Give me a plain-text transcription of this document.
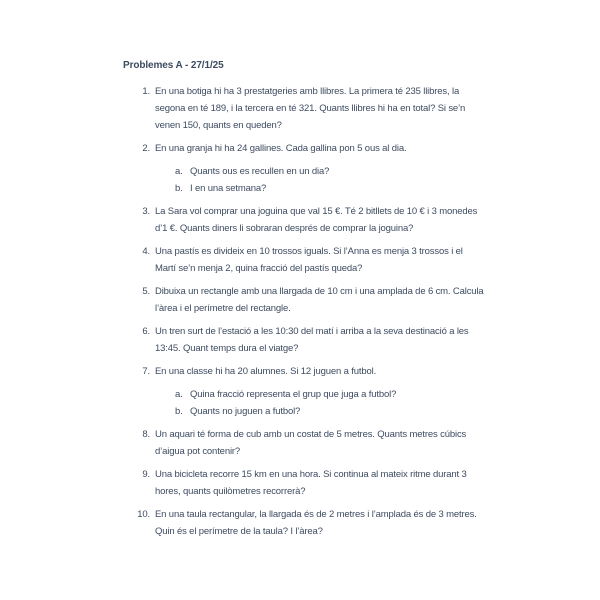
Problemes A - 27/1/25
1. En una botiga hi ha 3 prestatgeries amb llibres. La primera té 235 llibres, la segona en té 189, i la tercera en té 321. Quants llibres hi ha en total? Si se’n venen 150, quants en queden?
2. En una granja hi ha 24 gallines. Cada gallina pon 5 ous al dia.
a. Quants ous es recullen en un dia?
b. I en una setmana?
3. La Sara vol comprar una joguina que val 15 €. Té 2 bitllets de 10 € i 3 monedes d’1 €. Quants diners li sobraran després de comprar la joguina?
4. Una pastís es divideix en 10 trossos iguals. Si l’Anna es menja 3 trossos i el Martí se’n menja 2, quina fracció del pastís queda?
5. Dibuixa un rectangle amb una llargada de 10 cm i una amplada de 6 cm. Calcula l’àrea i el perímetre del rectangle.
6. Un tren surt de l’estació a les 10:30 del matí i arriba a la seva destinació a les 13:45. Quant temps dura el viatge?
7. En una classe hi ha 20 alumnes. Si 12 juguen a futbol.
a. Quina fracció representa el grup que juga a futbol?
b. Quants no juguen a futbol?
8. Un aquari té forma de cub amb un costat de 5 metres. Quants metres cúbics d’aigua pot contenir?
9. Una bicicleta recorre 15 km en una hora. Si continua al mateix ritme durant 3 hores, quants quilòmetres recorrerà?
10. En una taula rectangular, la llargada és de 2 metres i l’amplada és de 3 metres. Quin és el perímetre de la taula? I l’àrea?
